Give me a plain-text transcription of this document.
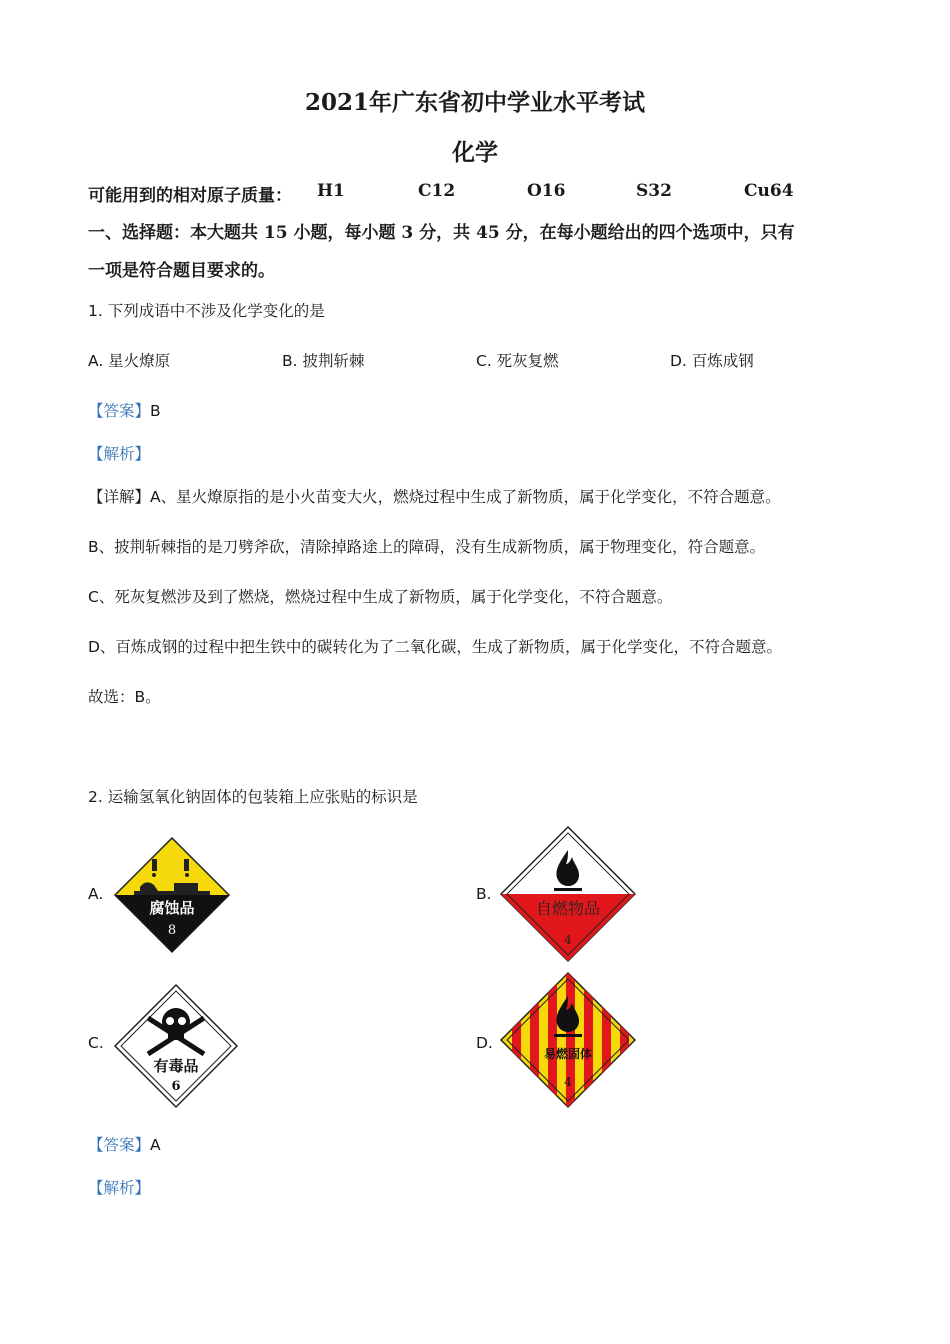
2021年广东省初中学业水平考试
化学
可能用到的相对原子质量： H1	C12	O16	S32	Cu64
一、选择题：本大题共 15 小题，每小题 3 分，共 45 分，在每小题给出的四个选项中，只有
一项是符合题目要求的。
1. 下列成语中不涉及化学变化的是
A. 星火燎原	B. 披荆斩棘	C. 死灰复燃	D. 百炼成钢
【答案】B
【解析】
【详解】A、星火燎原指的是小火苗变大火，燃烧过程中生成了新物质，属于化学变化，不符合题意。
B、披荆斩棘指的是刀劈斧砍，清除掉路途上的障碍，没有生成新物质，属于物理变化，符合题意。
C、死灰复燃涉及到了燃烧，燃烧过程中生成了新物质，属于化学变化，不符合题意。
D、百炼成钢的过程中把生铁中的碳转化为了二氧化碳，生成了新物质，属于化学变化，不符合题意。
故选：B。
2. 运输氢氧化钠固体的包装箱上应张贴的标识是
A.	B.
C.	D.
腐蚀品
8
自燃物品
4
有毒品
6
易燃固体
4
【答案】A
【解析】
